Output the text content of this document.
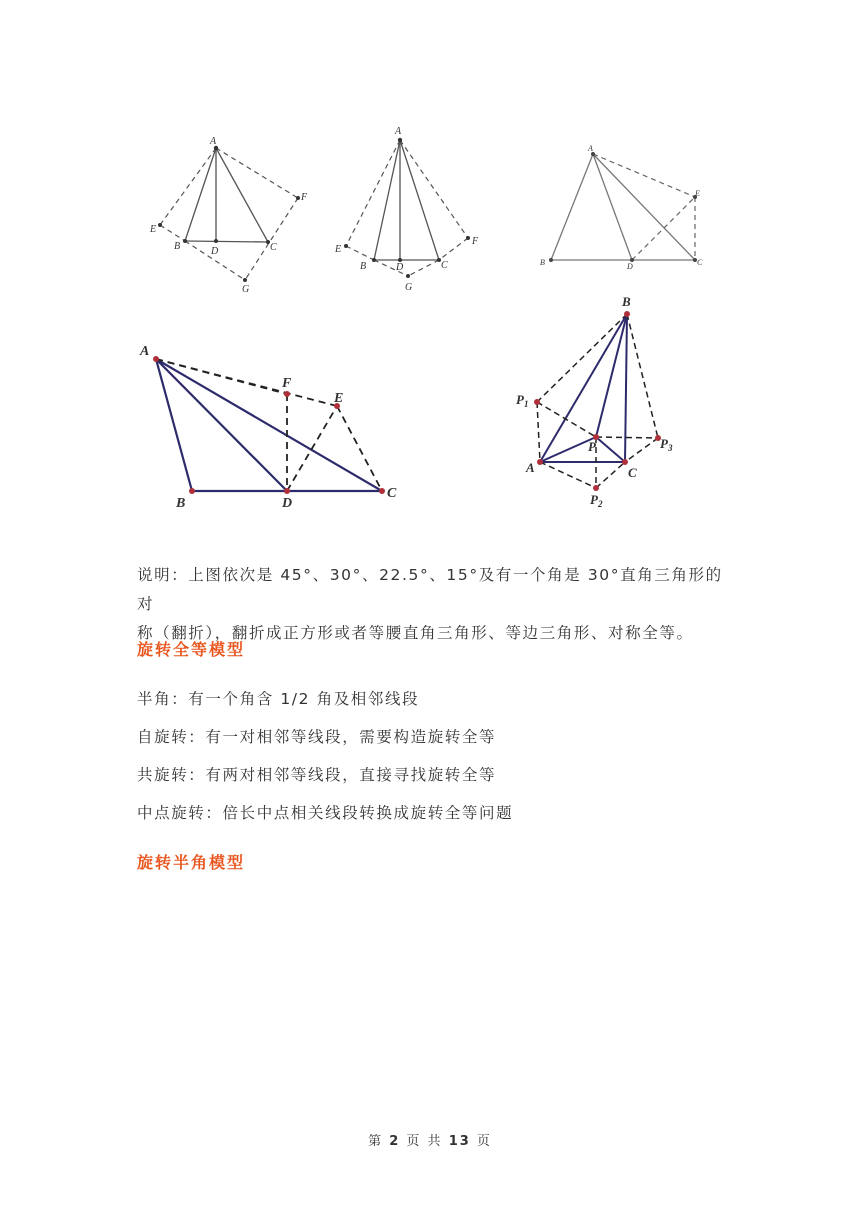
A
B	C
D
E
F
G
A
B	C
D
E
F
G
A
B	C
D
E
A
B
C
D
E
F
B
A	C
P
$P_1$
$P_3$
$P_2$
说明：上图依次是 45°、30°、22.5°、15°及有一个角是 30°直角三角形的对
称（翻折），翻折成正方形或者等腰直角三角形、等边三角形、对称全等。
旋转全等模型
半角：有一个角含 1/2 角及相邻线段
自旋转：有一对相邻等线段，需要构造旋转全等
共旋转：有两对相邻等线段，直接寻找旋转全等
中点旋转：倍长中点相关线段转换成旋转全等问题
旋转半角模型
第 2 页 共 13 页
